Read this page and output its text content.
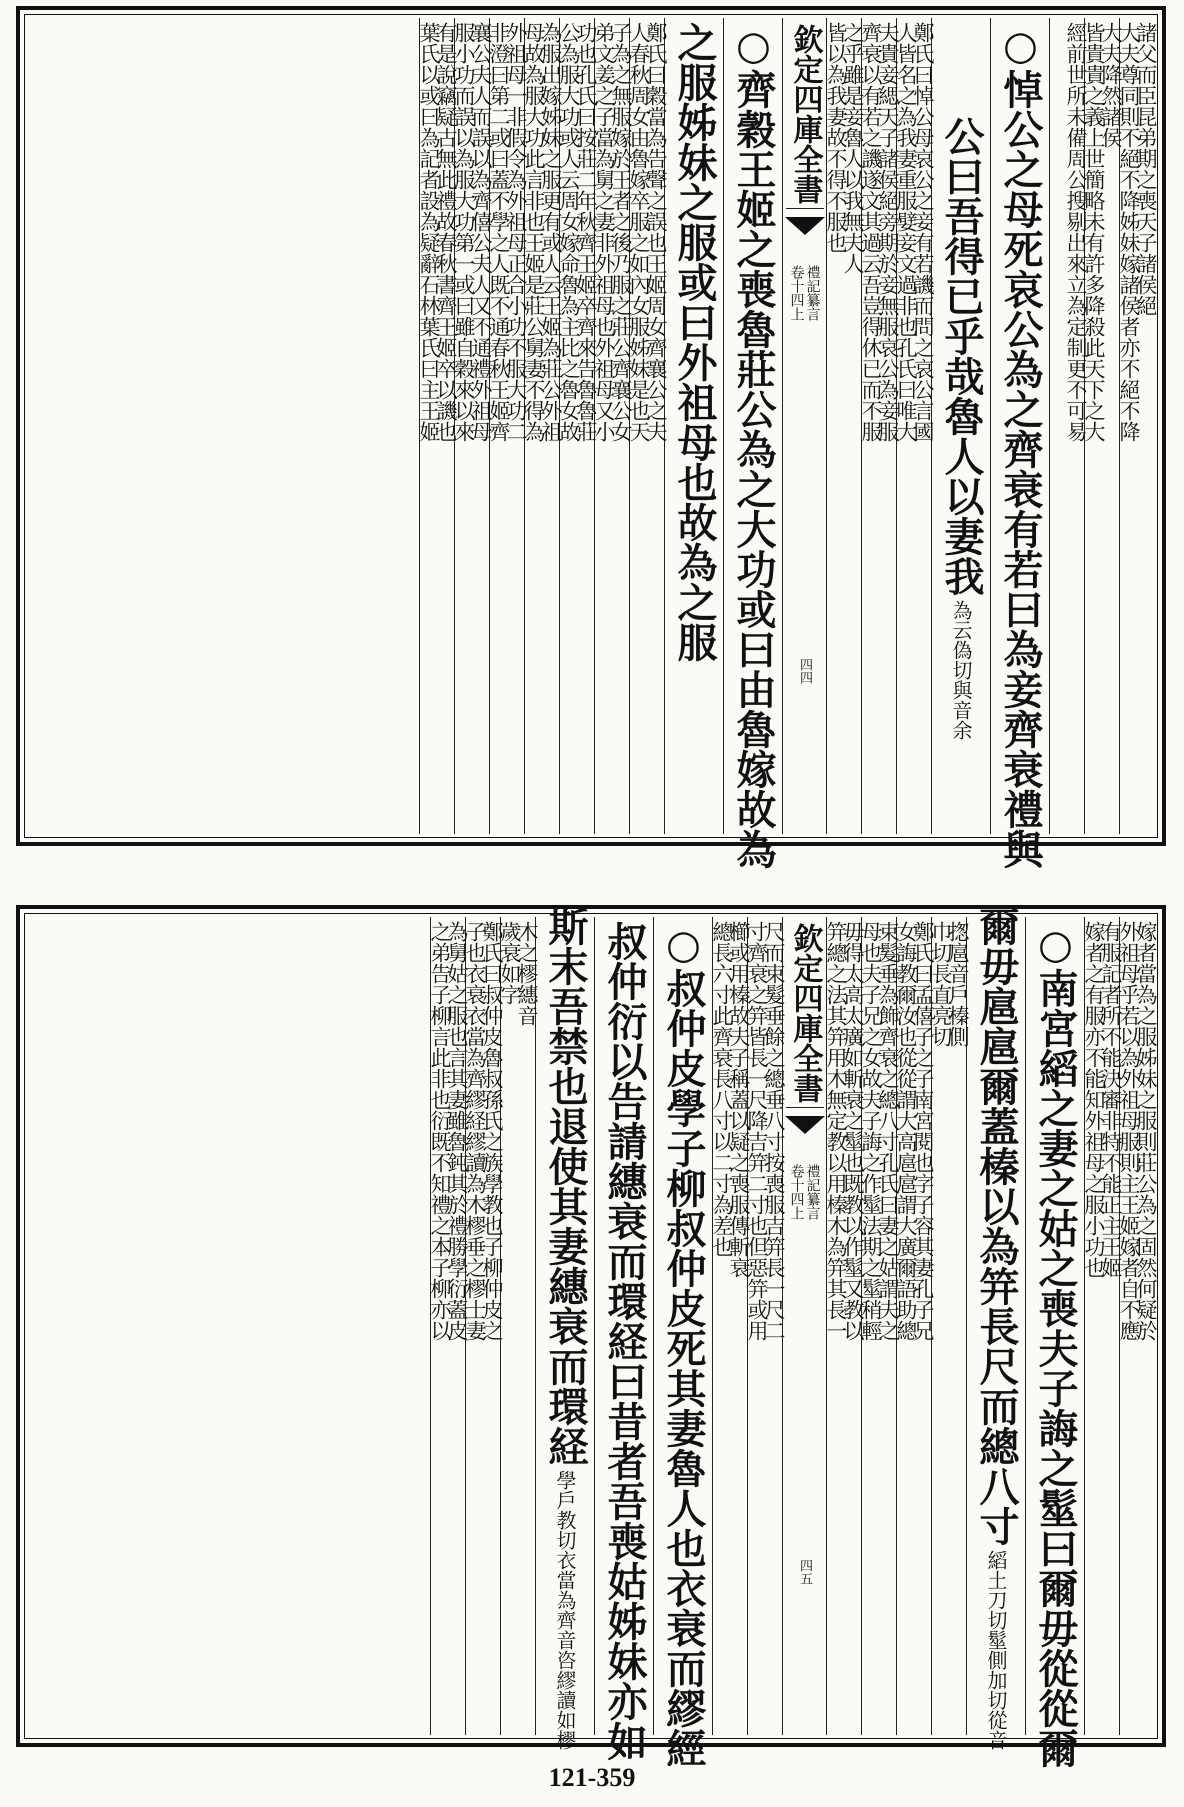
諸父而臣昆弟期之喪天子諸侯絕
大夫尊同則不絕不降姊妹嫁諸侯者亦不絕不降
大夫降然諸侯
皆貴貴之義上世簡略未有許多降殺此天下之大
經前世所未備周公搜剔出來立為定制更不可易
○悼公之母死哀公為之齊衰有若曰為妾齊衰禮與
公曰吾得已乎哉魯人以妻我
為云偽切與音余
鄭氏曰悼公母哀公之妾有若譏而問之哀公言國
人皆名之為我妻重服嬖妾文過非也孔氏曰唯大
夫貴妾緦天子諸侯絕旁期於妾無服哀公為妾服
齊衰以有若之譏遂文其過云吾豈得休已而不服
之乎雖是妾魯人以我無夫人
皆以為我妻故不得不服也
欽定四庫全書
禮記纂言
卷十四上
四四
○齊穀王姬之喪魯莊公為之大功或曰由魯嫁故為
之服姊妹之服或曰外祖母也故為之服
鄭氏曰穀當為告聲之誤也王姬周女齊襄公之夫
人春秋周女由魯嫁卒服之如內女服姊妹是也天
子為之無服嫁於王者之後乃服之莊公齊襄公女
弟文姜之子當為舅之妻非外祖母也外祖母又小
功也孔氏曰按莊二年秋齊王姬卒齊來告魯魯莊
公為服大功或人云周女嫁命魯為主比之魯女故
為服出嫁姊妹之服更有或人云王姬為莊公外祖
母故為服大功此言非也王姬是莊公舅妻不得為
外祖母一非假令為外祖母正合小功不服大功二
非澄曰第二或曰蓋不學之人既不通春秋王姬齊
襄公夫人而誤以為齊僖公夫人又不通禮外祖母
服小功而誤以為服大功第一或曰雖自穀來以來
有是說竊疑古無此禮故春秋書齊王姬卒以譏也
葉氏以或曰為記者設為疑辭石林葉氏曰主王姬
嫁者當為之服姊妹之服則莊公為之固然何疑於
外祖母乎若以為外祖母服則主王姬嫁者自不應
有服記者所不能決審非特不能正主王姬
嫁者之有服亦不能知外祖母之服小功也
○南宮縚之妻之姑之喪夫子誨之髽曰爾毋從從爾
爾毋扈扈爾蓋榛以為笄長尺而總八寸
縚土刀切髽側加切從音
揔扈音戶榛側
巾切長直亮切
鄭氏曰孟僖子之子南宮閱也字子容其妻孔子兄
女誨教爾汝也從從謂大高扈扈謂大廣爾語助總
束髮垂為飾齊衰之總八寸孔氏曰妻之姑謂夫之
母也夫子兄之女故夫子誨之作髽法期之髽稍輕
毋得太高太廣如斬衰之髽也既教以作髽又教以
笄總之法其笄用木無定教以用榛木為笄其長一
欽定四庫全書
禮記纂言
卷十四上
四五
尺而束髮垂餘之總垂八寸按喪服吉笄長一尺二
寸齊衰之笄皆長一尺降吉笄二寸也但惡笄或用
櫛或用榛故夫子稱蓋以疑之喪服傳斬衰
總長六寸此齊衰長八寸以二寸為差也
○叔仲皮學子柳叔仲皮死其妻魯人也衣衰而繆經
叔仲衍以告請繐衰而環経曰昔者吾喪姑姊妹亦如
斯末吾禁也退使其妻繐衰而環経
學戶教切衣當為齊音咨繆讀如樛
木之樛繐音
歲衰如字
鄭氏曰叔仲皮魯叔孫氏之族學教也子柳仲皮之
子也衣衰衣當為齊繆経繆讀為木樛垂之樛士妻
為舅姑之服也言其妻雖魯鈍其於禮勝學衍蓋皮
之弟告子柳言此非也衍既不知禮之本子柳亦以
121-359
